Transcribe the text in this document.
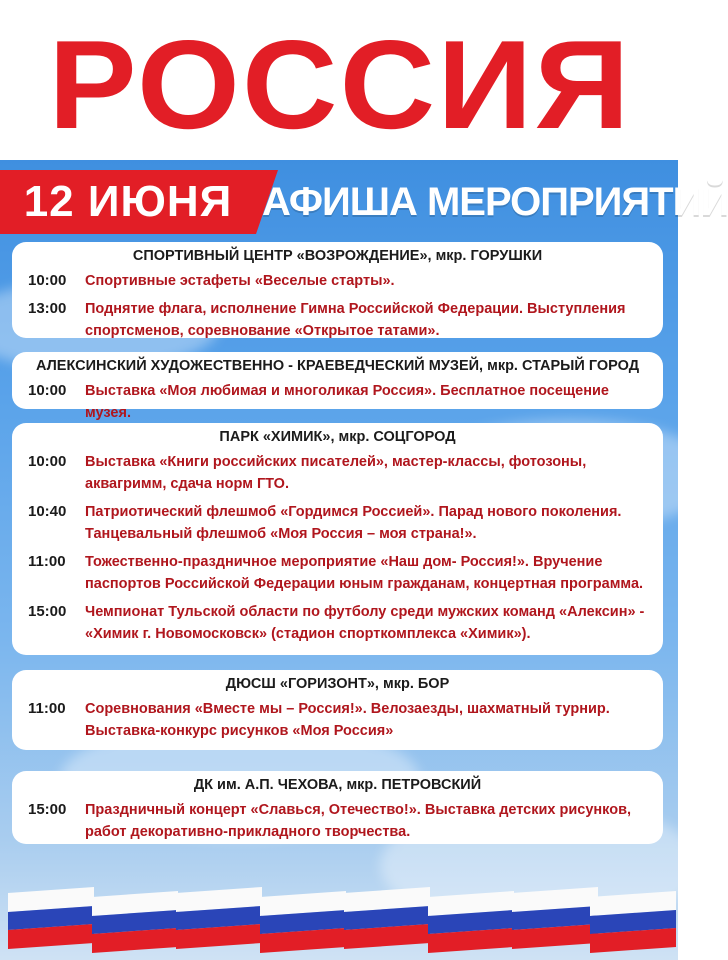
РОССИЯ
12 ИЮНЯ АФИША МЕРОПРИЯТИЙ
СПОРТИВНЫЙ ЦЕНТР «ВОЗРОЖДЕНИЕ», мкр. ГОРУШКИ
10:00	Спортивные эстафеты «Веселые старты».
13:00	Поднятие флага, исполнение Гимна Российской Федерации. Выступления спортсменов, соревнование «Открытое татами».
АЛЕКСИНСКИЙ ХУДОЖЕСТВЕННО - КРАЕВЕДЧЕСКИЙ МУЗЕЙ, мкр. СТАРЫЙ ГОРОД
10:00	Выставка «Моя любимая и многоликая Россия». Бесплатное посещение музея.
ПАРК «ХИМИК», мкр. СОЦГОРОД
10:00	Выставка «Книги российских писателей», мастер-классы, фотозоны, аквагримм, сдача норм ГТО.
10:40	Патриотический флешмоб «Гордимся Россией». Парад нового поколения. Танцевальный флешмоб «Моя Россия – моя страна!».
11:00	Тожественно-праздничное мероприятие «Наш дом- Россия!». Вручение паспортов Российской Федерации юным гражданам, концертная программа.
15:00	Чемпионат Тульской области по футболу среди мужских команд «Алексин» - «Химик г. Новомосковск» (стадион спорткомплекса «Химик»).
ДЮСШ «ГОРИЗОНТ», мкр. БОР
11:00	Соревнования «Вместе мы – Россия!». Велозаезды, шахматный турнир. Выставка-конкурс рисунков «Моя Россия»
ДК им. А.П. ЧЕХОВА, мкр. ПЕТРОВСКИЙ
15:00	Праздничный концерт «Славься, Отечество!». Выставка детских рисунков, работ декоративно-прикладного творчества.
